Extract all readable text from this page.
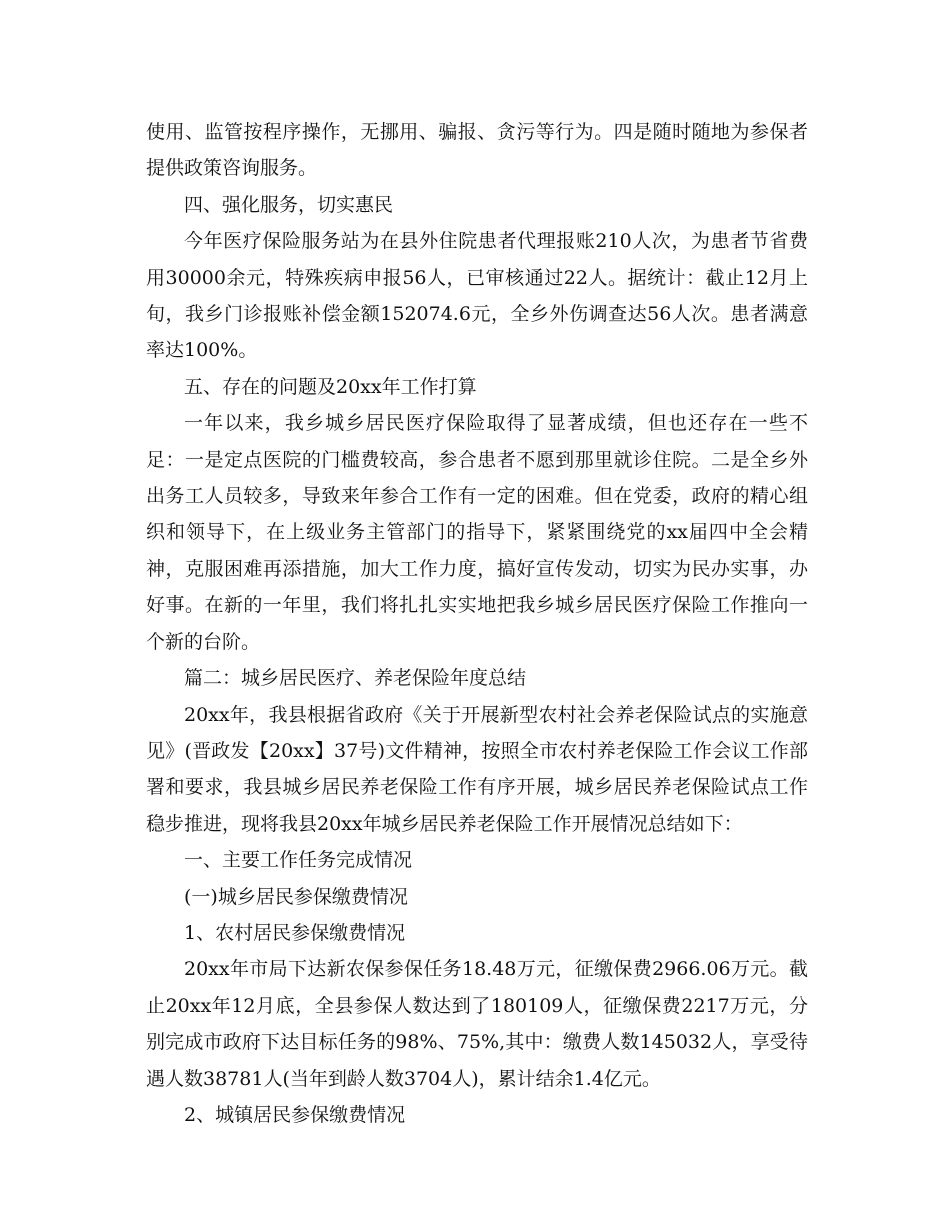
使用、监管按程序操作，无挪用、骗报、贪污等行为。四是随时随地为参保者提供政策咨询服务。

四、强化服务，切实惠民

今年医疗保险服务站为在县外住院患者代理报账210人次，为患者节省费用30000余元，特殊疾病申报56人，已审核通过22人。据统计：截止12月上旬，我乡门诊报账补偿金额152074.6元，全乡外伤调查达56人次。患者满意率达100%。

五、存在的问题及20xx年工作打算

一年以来，我乡城乡居民医疗保险取得了显著成绩，但也还存在一些不足：一是定点医院的门槛费较高，参合患者不愿到那里就诊住院。二是全乡外出务工人员较多，导致来年参合工作有一定的困难。但在党委，政府的精心组织和领导下，在上级业务主管部门的指导下，紧紧围绕党的xx届四中全会精神，克服困难再添措施，加大工作力度，搞好宣传发动，切实为民办实事，办好事。在新的一年里，我们将扎扎实实地把我乡城乡居民医疗保险工作推向一个新的台阶。

篇二：城乡居民医疗、养老保险年度总结

20xx年，我县根据省政府《关于开展新型农村社会养老保险试点的实施意见》(晋政发【20xx】37号)文件精神，按照全市农村养老保险工作会议工作部署和要求，我县城乡居民养老保险工作有序开展，城乡居民养老保险试点工作稳步推进，现将我县20xx年城乡居民养老保险工作开展情况总结如下：

一、主要工作任务完成情况

(一)城乡居民参保缴费情况

1、农村居民参保缴费情况

20xx年市局下达新农保参保任务18.48万元，征缴保费2966.06万元。截止20xx年12月底，全县参保人数达到了180109人，征缴保费2217万元，分别完成市政府下达目标任务的98%、75%,其中：缴费人数145032人，享受待遇人数38781人(当年到龄人数3704人)，累计结余1.4亿元。

2、城镇居民参保缴费情况
